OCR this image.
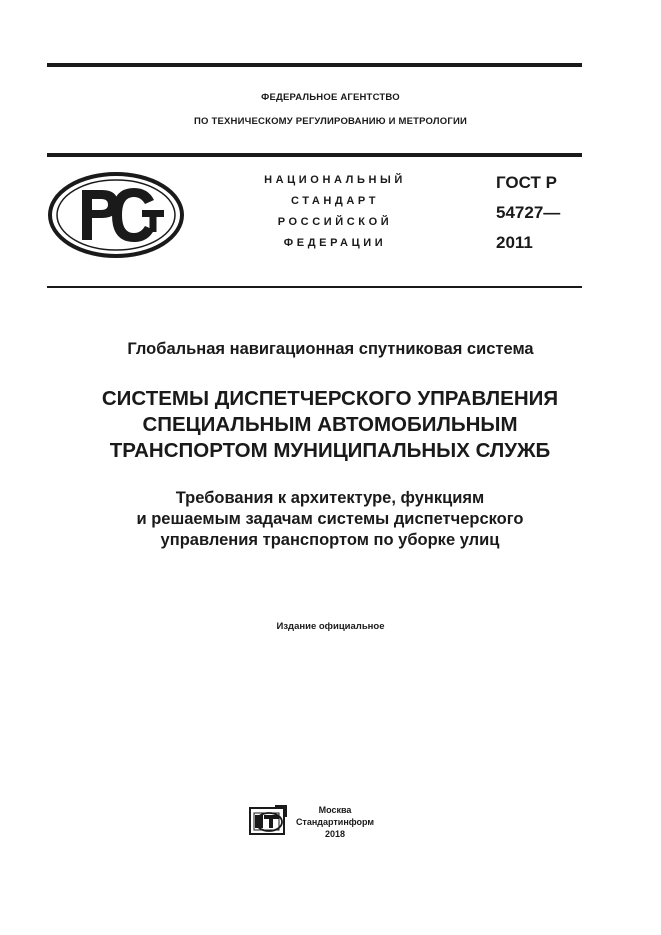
ФЕДЕРАЛЬНОЕ АГЕНТСТВО
ПО ТЕХНИЧЕСКОМУ РЕГУЛИРОВАНИЮ И МЕТРОЛОГИИ
НАЦИОНАЛЬНЫЙ
СТАНДАРТ
РОССИЙСКОЙ
ФЕДЕРАЦИИ
ГОСТ Р
54727—
2011
Глобальная навигационная спутниковая система
СИСТЕМЫ ДИСПЕТЧЕРСКОГО УПРАВЛЕНИЯ
СПЕЦИАЛЬНЫМ АВТОМОБИЛЬНЫМ
ТРАНСПОРТОМ МУНИЦИПАЛЬНЫХ СЛУЖБ
Требования к архитектуре, функциям
и решаемым задачам системы диспетчерского
управления транспортом по уборке улиц
Издание официальное
Москва
Стандартинформ
2018
